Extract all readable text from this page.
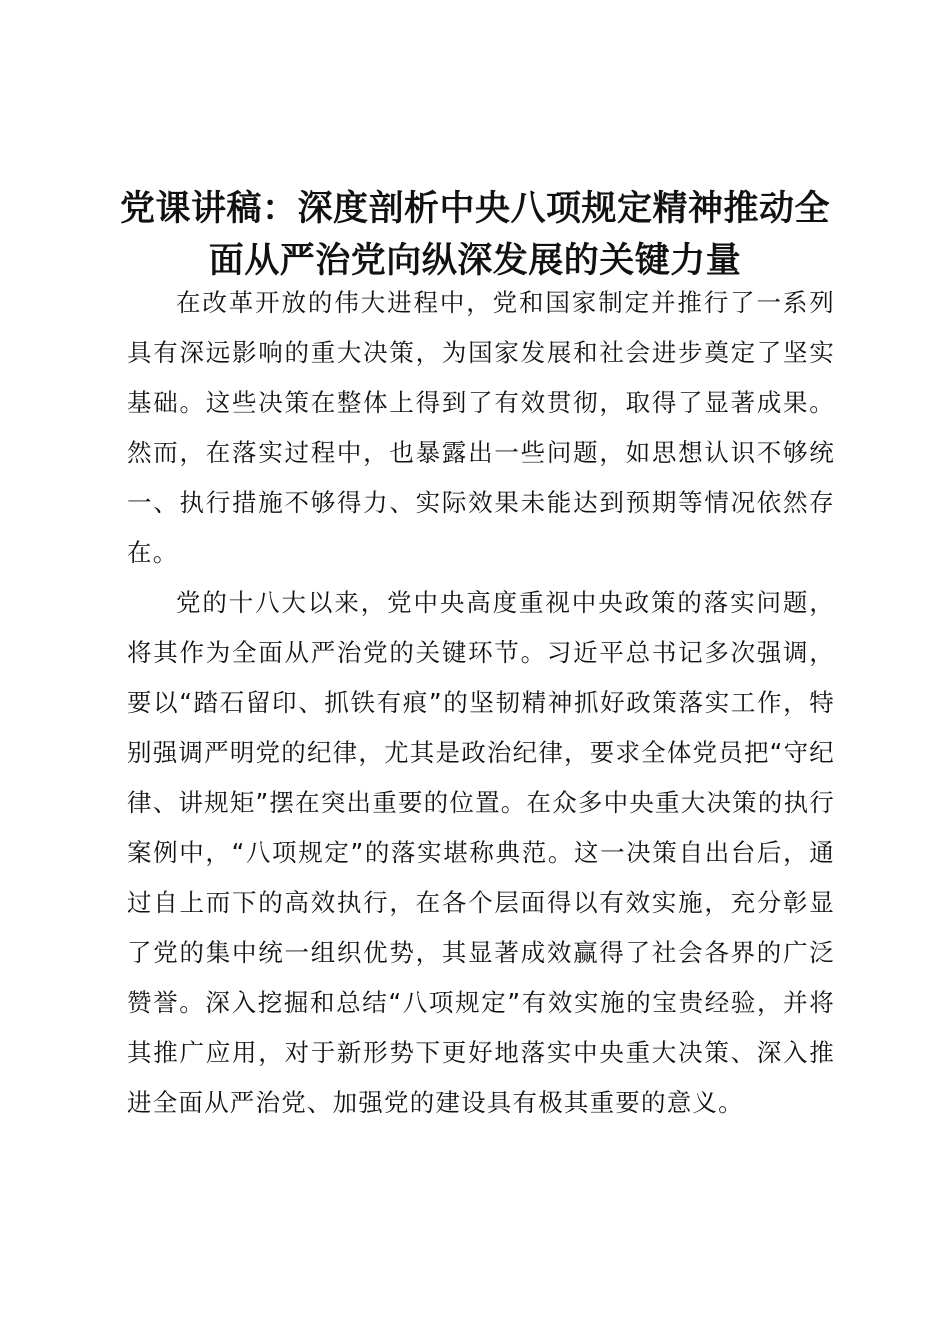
党课讲稿：深度剖析中央八项规定精神推动全
面从严治党向纵深发展的关键力量

在改革开放的伟大进程中，党和国家制定并推行了一系列具有深远影响的重大决策，为国家发展和社会进步奠定了坚实基础。这些决策在整体上得到了有效贯彻，取得了显著成果。然而，在落实过程中，也暴露出一些问题，如思想认识不够统一、执行措施不够得力、实际效果未能达到预期等情况依然存在。

党的十八大以来，党中央高度重视中央政策的落实问题，将其作为全面从严治党的关键环节。习近平总书记多次强调，要以“踏石留印、抓铁有痕”的坚韧精神抓好政策落实工作，特别强调严明党的纪律，尤其是政治纪律，要求全体党员把“守纪律、讲规矩”摆在突出重要的位置。在众多中央重大决策的执行案例中，“八项规定”的落实堪称典范。这一决策自出台后，通过自上而下的高效执行，在各个层面得以有效实施，充分彰显了党的集中统一组织优势，其显著成效赢得了社会各界的广泛赞誉。深入挖掘和总结“八项规定”有效实施的宝贵经验，并将其推广应用，对于新形势下更好地落实中央重大决策、深入推进全面从严治党、加强党的建设具有极其重要的意义。
